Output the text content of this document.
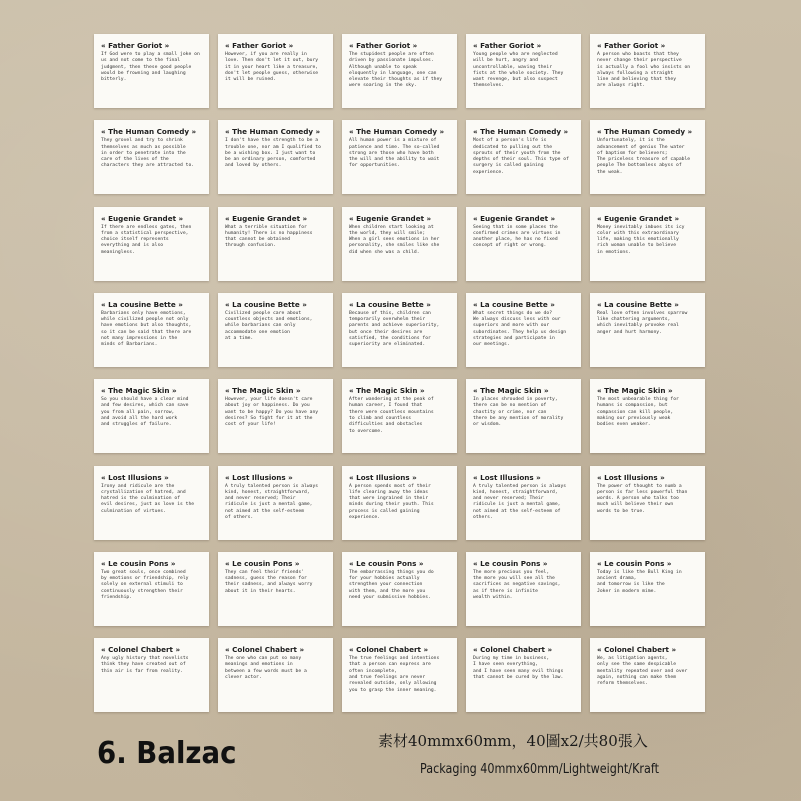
« Father Goriot »
If God were to play a small joke on
us and not come to the final
judgment, then these good people
would be frowning and laughing
bitterly.
« Father Goriot »
However, if you are really in
love. Then don't let it out, bury
it in your heart like a treasure,
don't let people guess, otherwise
it will be ruined.
« Father Goriot »
The stupidest people are often
driven by passionate impulses.
Although unable to speak
eloquently in language, one can
elevate their thoughts as if they
were soaring in the sky.
« Father Goriot »
Young people who are neglected
will be hurt, angry and
uncontrollable, waving their
fists at the whole society. They
want revenge, but also suspect
themselves.
« Father Goriot »
A person who boasts that they
never change their perspective
is actually a fool who insists on
always following a straight
line and believing that they
are always right.
« The Human Comedy »
They grovel and try to shrink
themselves as much as possible
in order to penetrate into the
care of the lives of the
characters they are attracted to.
« The Human Comedy »
I don't have the strength to be a
trouble one, nor am I qualified to
be a wishing box. I just want to
be an ordinary person, comforted
and loved by others.
« The Human Comedy »
All human power is a mixture of
patience and time. The so-called
strong are those who have both
the will and the ability to wait
for opportunities.
« The Human Comedy »
Most of a person's life is
dedicated to pulling out the
sprouts of their youth from the
depths of their soul. This type of
surgery is called gaining
experience.
« The Human Comedy »
Unfortunately, it is the
advancement of genius The water
of baptism for believers;
The priceless treasure of capable
people The bottomless abyss of
the weak.
« Eugenie Grandet »
If there are endless gates, then
from a statistical perspective,
choice itself represents
everything and is also
meaningless.
« Eugenie Grandet »
What a terrible situation for
humanity! There is no happiness
that cannot be obtained
through confusion.
« Eugenie Grandet »
When children start looking at
the world, they will smile;
When a girl sees emotions in her
personality, she smiles like she
did when she was a child.
« Eugenie Grandet »
Seeing that in some places the
confirmed crimes are virtues in
another place, he has no fixed
concept of right or wrong.
« Eugenie Grandet »
Money inevitably imbues its icy
color with this extraordinary
life, making this emotionally
rich woman unable to believe
in emotions.
« La cousine Bette »
Barbarians only have emotions,
while civilized people not only
have emotions but also thoughts,
so it can be said that there are
not many impressions in the
minds of Barbarians.
« La cousine Bette »
Civilized people care about
countless objects and emotions,
while barbarians can only
accommodate one emotion
at a time.
« La cousine Bette »
Because of this, children can
temporarily overwhelm their
parents and achieve superiority,
but once their desires are
satisfied, the conditions for
superiority are eliminated.
« La cousine Bette »
What secret things do we do?
We always discuss less with our
superiors and more with our
subordinates. They help us design
strategies and participate in
our meetings.
« La cousine Bette »
Real love often involves sparrow
like chattering arguments,
which inevitably provoke real
anger and hurt harmony.
« The Magic Skin »
So you should have a clear mind
and few desires, which can save
you from all pain, sorrow,
and avoid all the hard work
and struggles of failure.
« The Magic Skin »
However, your life doesn't care
about joy or happiness. Do you
want to be happy? Do you have any
desires? So fight for it at the
cost of your life!
« The Magic Skin »
After wandering at the peak of
human career, I found that
there were countless mountains
to climb and countless
difficulties and obstacles
to overcome.
« The Magic Skin »
In places shrouded in poverty,
there can be no mention of
chastity or crime, nor can
there be any mention of morality
or wisdom.
« The Magic Skin »
The most unbearable thing for
humans is compassion, but
compassion can kill people,
making our previously weak
bodies even weaker.
« Lost Illusions »
Irony and ridicule are the
crystallization of hatred, and
hatred is the culmination of
evil desires, just as love is the
culmination of virtues.
« Lost Illusions »
A truly talented person is always
kind, honest, straightforward,
and never reserved; Their
ridicule is just a mental game,
not aimed at the self-esteem
of others.
« Lost Illusions »
A person spends most of their
life clearing away the ideas
that were ingrained in their
minds during their youth. This
process is called gaining
experience.
« Lost Illusions »
A truly talented person is always
kind, honest, straightforward,
and never reserved; Their
ridicule is just a mental game,
not aimed at the self-esteem of
others.
« Lost Illusions »
The power of thought to numb a
person is far less powerful than
words. A person who talks too
much will believe their own
words to be true.
« Le cousin Pons »
Two great souls, once combined
by emotions or friendship, rely
solely on external stimuli to
continuously strengthen their
friendship.
« Le cousin Pons »
They can feel their friends'
sadness, guess the reason for
their sadness, and always worry
about it in their hearts.
« Le cousin Pons »
The embarrassing things you do
for your hobbies actually
strengthen your connection
with them, and the more you
need your submissive hobbies.
« Le cousin Pons »
The more precious you feel,
the more you will see all the
sacrifices as negative savings,
as if there is infinite
wealth within.
« Le cousin Pons »
Today is like the Bull King in
ancient drama,
and tomorrow is like the
Joker in modern mime.
« Colonel Chabert »
Any ugly history that novelists
think they have created out of
thin air is far from reality.
« Colonel Chabert »
The one who can put so many
meanings and emotions in
between a few words must be a
clever actor.
« Colonel Chabert »
The true feelings and intentions
that a person can express are
often incomplete,
and true feelings are never
revealed outside, only allowing
you to grasp the inner meaning.
« Colonel Chabert »
During my time in business,
I have seen everything,
and I have seen many evil things
that cannot be cured by the law.
« Colonel Chabert »
We, as litigation agents,
only see the same despicable
mentality repeated over and over
again, nothing can make them
reform themselves.
6. Balzac	素材40mmx60mm，40圖x2/共80張入
Packaging 40mmx60mm/Lightweight/Kraft
